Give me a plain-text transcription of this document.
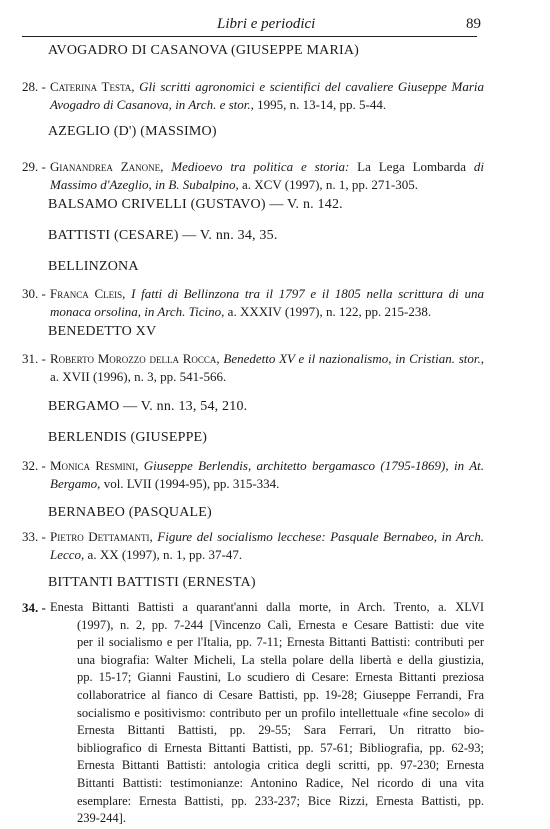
Libri e periodici	89
AVOGADRO DI CASANOVA (GIUSEPPE MARIA)
28. - Caterina Testa, Gli scritti agronomici e scientifici del cavaliere Giuseppe Maria Avogadro di Casanova, in Arch. e stor., 1995, n. 13-14, pp. 5-44.
AZEGLIO (D') (MASSIMO)
29. - Gianandrea Zanone, Medioevo tra politica e storia: La Lega Lombarda di Massimo d'Azeglio, in B. Subalpino, a. XCV (1997), n. 1, pp. 271-305.
BALSAMO CRIVELLI (GUSTAVO) — V. n. 142.
BATTISTI (CESARE) — V. nn. 34, 35.
BELLINZONA
30. - Franca Cleis, I fatti di Bellinzona tra il 1797 e il 1805 nella scrittura di una monaca orsolina, in Arch. Ticino, a. XXXIV (1997), n. 122, pp. 215-238.
BENEDETTO XV
31. - Roberto Morozzo della Rocca, Benedetto XV e il nazionalismo, in Cristian. stor., a. XVII (1996), n. 3, pp. 541-566.
BERGAMO — V. nn. 13, 54, 210.
BERLENDIS (GIUSEPPE)
32. - Monica Resmini, Giuseppe Berlendis, architetto bergamasco (1795-1869), in At. Bergamo, vol. LVII (1994-95), pp. 315-334.
BERNABEO (PASQUALE)
33. - Pietro Dettamanti, Figure del socialismo lecchese: Pasquale Bernabeo, in Arch. Lecco, a. XX (1997), n. 1, pp. 37-47.
BITTANTI BATTISTI (ERNESTA)
34. - Enesta Bittanti Battisti a quarant'anni dalla morte, in Arch. Trento, a. XLVI
(1997), n. 2, pp. 7-244 [Vincenzo Calì, Ernesta e Cesare Battisti: due vite
per il socialismo e per l'Italia, pp. 7-11; Ernesta Bittanti Battisti: contributi per
una biografia: Walter Micheli, La stella polare della libertà e della giustizia,
pp. 15-17; Gianni Faustini, Lo scudiero di Cesare: Ernesta Bittanti preziosa
collaboratrice al fianco di Cesare Battisti, pp. 19-28; Giuseppe Ferrandi, Fra
socialismo e positivismo: contributo per un profilo intellettuale «fine secolo» di
Ernesta Bittanti Battisti, pp. 29-55; Sara Ferrari, Un ritratto bio-
bibliografico di Ernesta Bittanti Battisti, pp. 57-61; Bibliografia, pp. 62-93;
Ernesta Bittanti Battisti: antologia critica degli scritti, pp. 97-230; Ernesta
Bittanti Battisti: testimonianze: Antonino Radice, Nel ricordo di una vita
esemplare: Ernesta Battisti, pp. 233-237; Bice Rizzi, Ernesta Battisti, pp.
239-244].
